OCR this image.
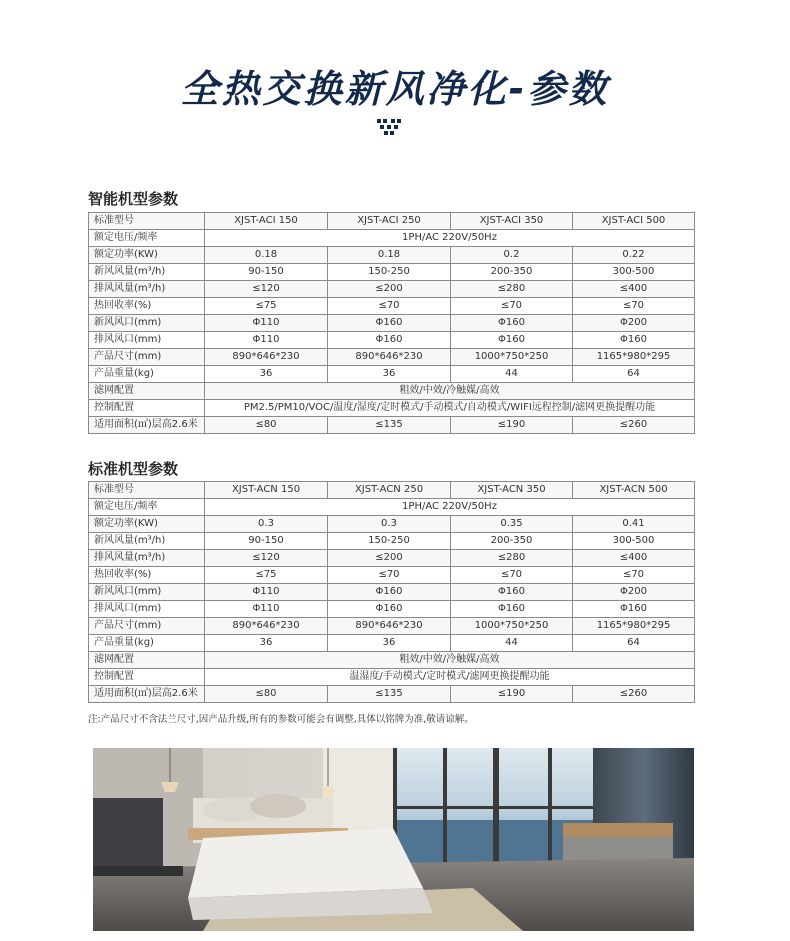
全热交换新风净化-参数
智能机型参数
标准型号	XJST-ACI 150	XJST-ACI 250	XJST-ACI 350	XJST-ACI 500
额定电压/频率	1PH/AC 220V/50Hz			
额定功率(KW)	0.18	0.18	0.2	0.22
新风风量(m³/h)	90-150	150-250	200-350	300-500
排风风量(m³/h)	≤120	≤200	≤280	≤400
热回收率(%)	≤75	≤70	≤70	≤70
新风风口(mm)	Φ110	Φ160	Φ160	Φ200
排风风口(mm)	Φ110	Φ160	Φ160	Φ160
产品尺寸(mm)	890*646*230	890*646*230	1000*750*250	1165*980*295
产品重量(kg)	36	36	44	64
滤网配置	粗效/中效/冷触媒/高效			
控制配置	PM2.5/PM10/VOC/温度/湿度/定时模式/手动模式/自动模式/WIFI远程控制/滤网更换提醒功能			
适用面积(㎡)层高2.6米	≤80	≤135	≤190	≤260
标准机型参数
标准型号	XJST-ACN 150	XJST-ACN 250	XJST-ACN 350	XJST-ACN 500
额定电压/频率	1PH/AC 220V/50Hz			
额定功率(KW)	0.3	0.3	0.35	0.41
新风风量(m³/h)	90-150	150-250	200-350	300-500
排风风量(m³/h)	≤120	≤200	≤280	≤400
热回收率(%)	≤75	≤70	≤70	≤70
新风风口(mm)	Φ110	Φ160	Φ160	Φ200
排风风口(mm)	Φ110	Φ160	Φ160	Φ160
产品尺寸(mm)	890*646*230	890*646*230	1000*750*250	1165*980*295
产品重量(kg)	36	36	44	64
滤网配置	粗效/中效/冷触媒/高效			
控制配置	温湿度/手动模式/定时模式/滤网更换提醒功能			
适用面积(㎡)层高2.6米	≤80	≤135	≤190	≤260
注:产品尺寸不含法兰尺寸,因产品升级,所有的参数可能会有调整,具体以铭牌为准,敬请谅解。
